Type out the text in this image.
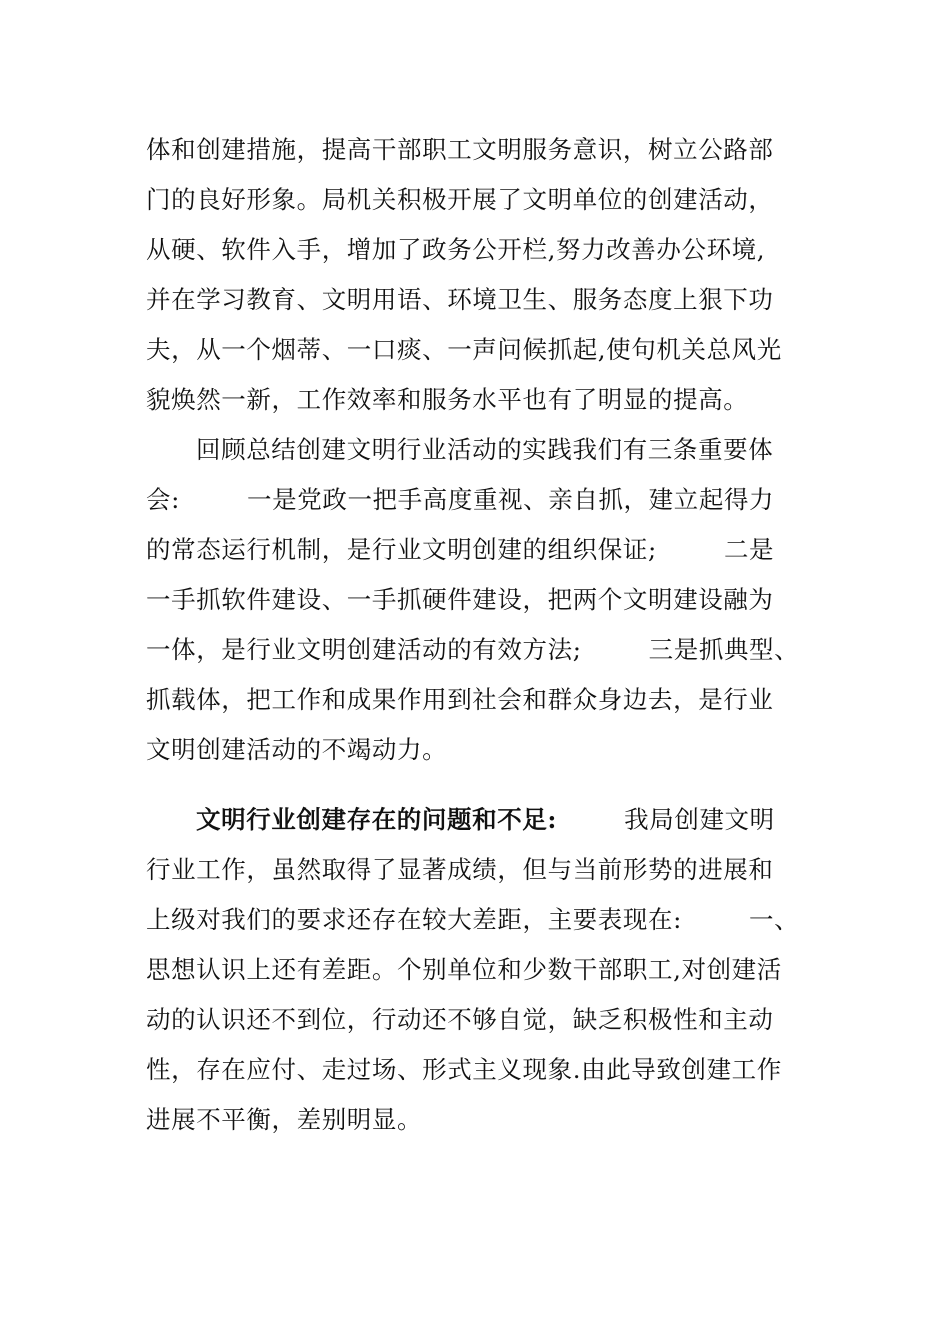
体和创建措施，提高干部职工文明服务意识，树立公路部
门的良好形象。局机关积极开展了文明单位的创建活动，
从硬、软件入手，增加了政务公开栏,努力改善办公环境,
并在学习教育、文明用语、环境卫生、服务态度上狠下功
夫，从一个烟蒂、一口痰、一声问候抓起,使句机关总风光
貌焕然一新，工作效率和服务水平也有了明显的提高。
回顾总结创建文明行业活动的实践我们有三条重要体
会:        一是党政一把手高度重视、亲自抓，建立起得力
的常态运行机制，是行业文明创建的组织保证;        二是
一手抓软件建设、一手抓硬件建设，把两个文明建设融为
一体，是行业文明创建活动的有效方法;        三是抓典型、
抓载体，把工作和成果作用到社会和群众身边去，是行业
文明创建活动的不竭动力。
文明行业创建存在的问题和不足:        我局创建文明
行业工作，虽然取得了显著成绩，但与当前形势的进展和
上级对我们的要求还存在较大差距，主要表现在:        一、
思想认识上还有差距。个别单位和少数干部职工,对创建活
动的认识还不到位，行动还不够自觉，缺乏积极性和主动
性，存在应付、走过场、形式主义现象.由此导致创建工作
进展不平衡，差别明显。
